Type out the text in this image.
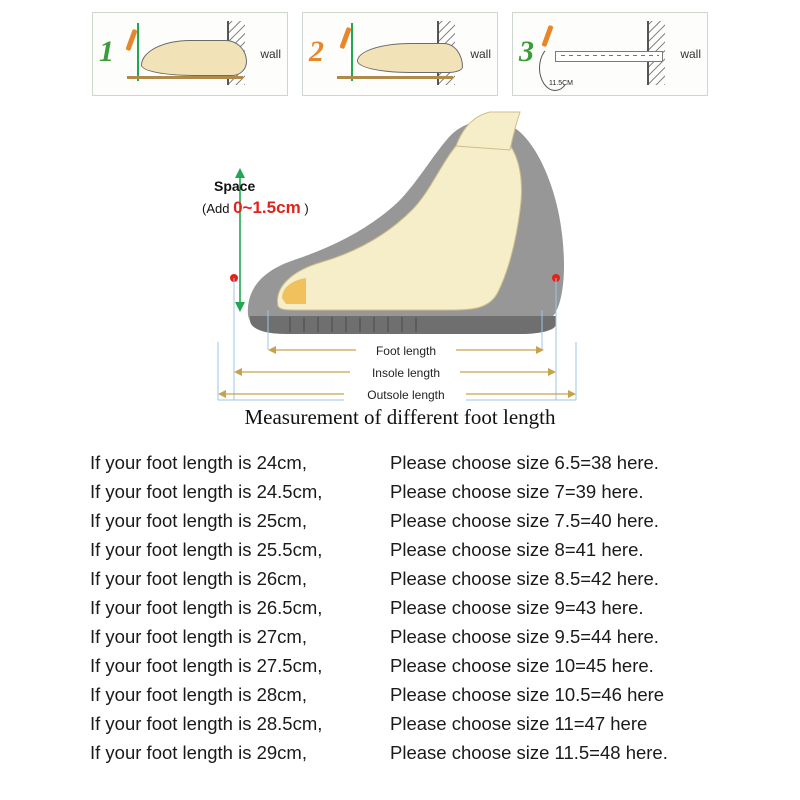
1	wall 2	wall 3	wall
11.5CM
Foot length
Insole length
Outsole length
Space
(Add 0~1.5cm )
Measurement of different foot length
If your foot length is 24cm,	Please choose size 6.5=38 here.
If your foot length is 24.5cm,	Please choose size 7=39 here.
If your foot length is 25cm,	Please choose size 7.5=40 here.
If your foot length is 25.5cm,	Please choose size 8=41 here.
If your foot length is 26cm,	Please choose size 8.5=42 here.
If your foot length is 26.5cm,	Please choose size 9=43 here.
If your foot length is 27cm,	Please choose size 9.5=44 here.
If your foot length is 27.5cm,	Please choose size 10=45 here.
If your foot length is 28cm,	Please choose size 10.5=46 here
If your foot length is 28.5cm,	Please choose size 11=47 here
If your foot length is 29cm,	Please choose size 11.5=48 here.
